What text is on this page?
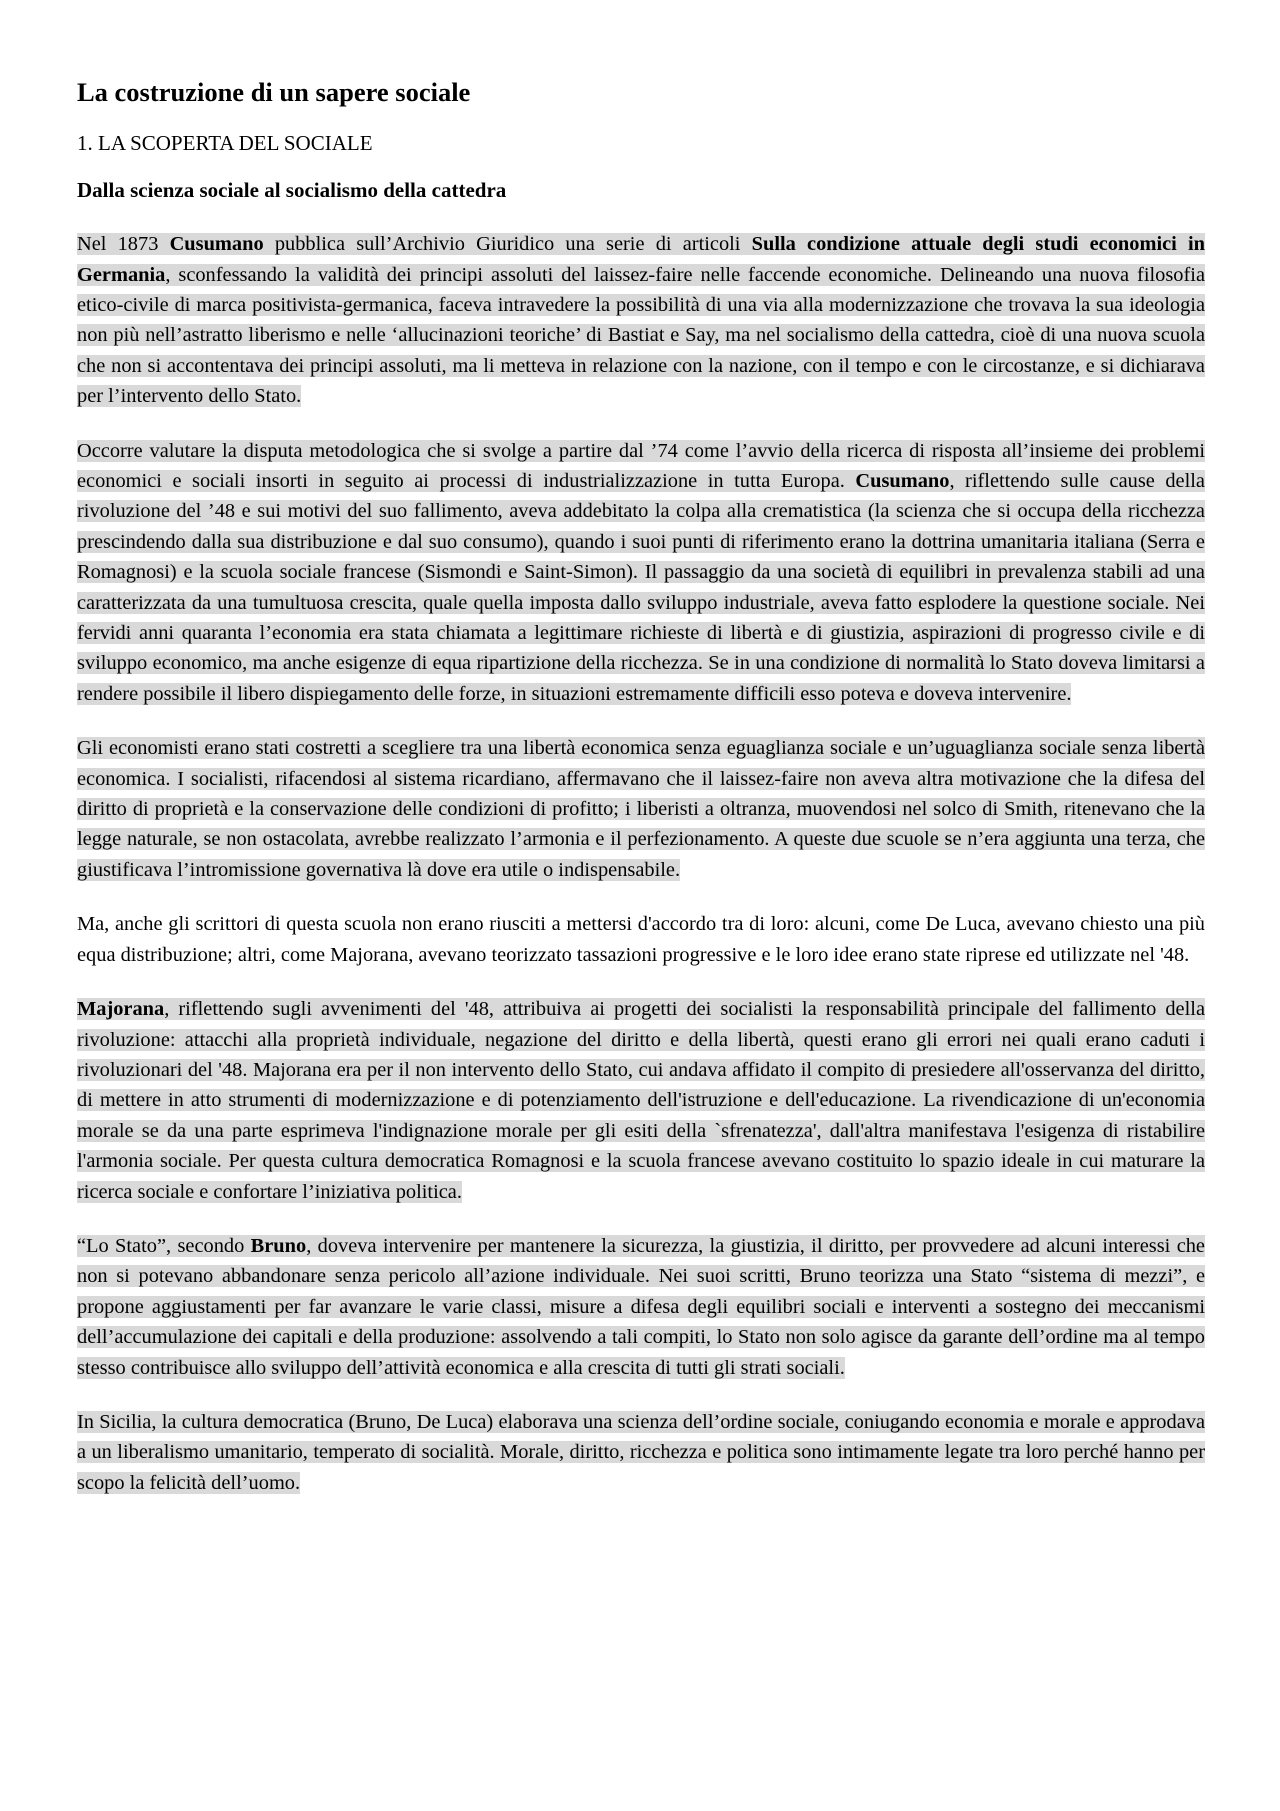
La costruzione di un sapere sociale
1. LA SCOPERTA DEL SOCIALE
Dalla scienza sociale al socialismo della cattedra

Nel 1873 Cusumano pubblica sull’Archivio Giuridico una serie di articoli Sulla condizione attuale degli studi economici in Germania, sconfessando la validità dei principi assoluti del laissez-faire nelle faccende economiche. Delineando una nuova filosofia etico-civile di marca positivista-germanica, faceva intravedere la possibilità di una via alla modernizzazione che trovava la sua ideologia non più nell’astratto liberismo e nelle ‘allucinazioni teoriche’ di Bastiat e Say, ma nel socialismo della cattedra, cioè di una nuova scuola che non si accontentava dei principi assoluti, ma li metteva in relazione con la nazione, con il tempo e con le circostanze, e si dichiarava per l’intervento dello Stato.

Occorre valutare la disputa metodologica che si svolge a partire dal ’74 come l’avvio della ricerca di risposta all’insieme dei problemi economici e sociali insorti in seguito ai processi di industrializzazione in tutta Europa. Cusumano, riflettendo sulle cause della rivoluzione del ’48 e sui motivi del suo fallimento, aveva addebitato la colpa alla crematistica (la scienza che si occupa della ricchezza prescindendo dalla sua distribuzione e dal suo consumo), quando i suoi punti di riferimento erano la dottrina umanitaria italiana (Serra e Romagnosi) e la scuola sociale francese (Sismondi e Saint-Simon). Il passaggio da una società di equilibri in prevalenza stabili ad una caratterizzata da una tumultuosa crescita, quale quella imposta dallo sviluppo industriale, aveva fatto esplodere la questione sociale. Nei fervidi anni quaranta l’economia era stata chiamata a legittimare richieste di libertà e di giustizia, aspirazioni di progresso civile e di sviluppo economico, ma anche esigenze di equa ripartizione della ricchezza. Se in una condizione di normalità lo Stato doveva limitarsi a rendere possibile il libero dispiegamento delle forze, in situazioni estremamente difficili esso poteva e doveva intervenire.

Gli economisti erano stati costretti a scegliere tra una libertà economica senza eguaglianza sociale e un’uguaglianza sociale senza libertà economica. I socialisti, rifacendosi al sistema ricardiano, affermavano che il laissez-faire non aveva altra motivazione che la difesa del diritto di proprietà e la conservazione delle condizioni di profitto; i liberisti a oltranza, muovendosi nel solco di Smith, ritenevano che la legge naturale, se non ostacolata, avrebbe realizzato l’armonia e il perfezionamento. A queste due scuole se n’era aggiunta una terza, che giustificava l’intromissione governativa là dove era utile o indispensabile.

Ma, anche gli scrittori di questa scuola non erano riusciti a mettersi d'accordo tra di loro: alcuni, come De Luca, avevano chiesto una più equa distribuzione; altri, come Majorana, avevano teorizzato tassazioni progressive e le loro idee erano state riprese ed utilizzate nel '48.

Majorana, riflettendo sugli avvenimenti del '48, attribuiva ai progetti dei socialisti la responsabilità principale del fallimento della rivoluzione: attacchi alla proprietà individuale, negazione del diritto e della libertà, questi erano gli errori nei quali erano caduti i rivoluzionari del '48. Majorana era per il non intervento dello Stato, cui andava affidato il compito di presiedere all'osservanza del diritto, di mettere in atto strumenti di modernizzazione e di potenziamento dell'istruzione e dell'educazione. La rivendicazione di un'economia morale se da una parte esprimeva l'indignazione morale per gli esiti della `sfrenatezza', dall'altra manifestava l'esigenza di ristabilire l'armonia sociale. Per questa cultura democratica Romagnosi e la scuola francese avevano costituito lo spazio ideale in cui maturare la ricerca sociale e confortare l’iniziativa politica.

“Lo Stato”, secondo Bruno, doveva intervenire per mantenere la sicurezza, la giustizia, il diritto, per provvedere ad alcuni interessi che non si potevano abbandonare senza pericolo all’azione individuale. Nei suoi scritti, Bruno teorizza una Stato “sistema di mezzi”, e propone aggiustamenti per far avanzare le varie classi, misure a difesa degli equilibri sociali e interventi a sostegno dei meccanismi dell’accumulazione dei capitali e della produzione: assolvendo a tali compiti, lo Stato non solo agisce da garante dell’ordine ma al tempo stesso contribuisce allo sviluppo dell’attività economica e alla crescita di tutti gli strati sociali.

In Sicilia, la cultura democratica (Bruno, De Luca) elaborava una scienza dell’ordine sociale, coniugando economia e morale e approdava a un liberalismo umanitario, temperato di socialità. Morale, diritto, ricchezza e politica sono intimamente legate tra loro perché hanno per scopo la felicità dell’uomo.
